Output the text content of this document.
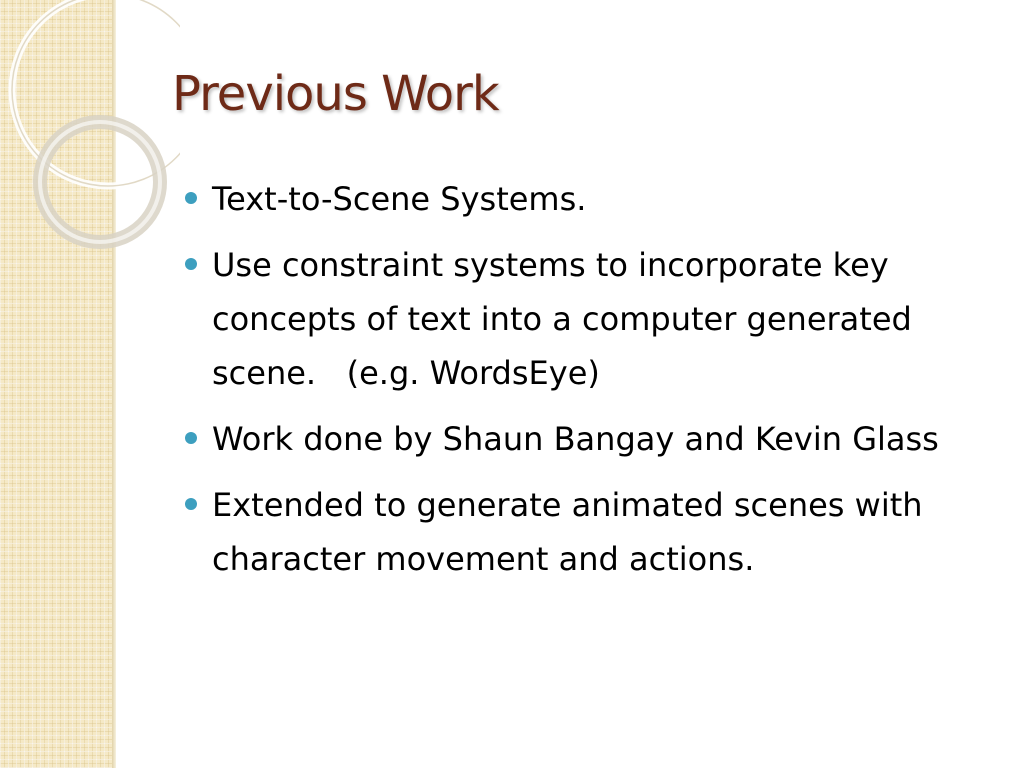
Previous Work
Text-to-Scene Systems.
Use constraint systems to incorporate key concepts of text into a computer generated scene.   (e.g. WordsEye)
Work done by Shaun Bangay and Kevin Glass
Extended to generate animated scenes with character movement and actions.
